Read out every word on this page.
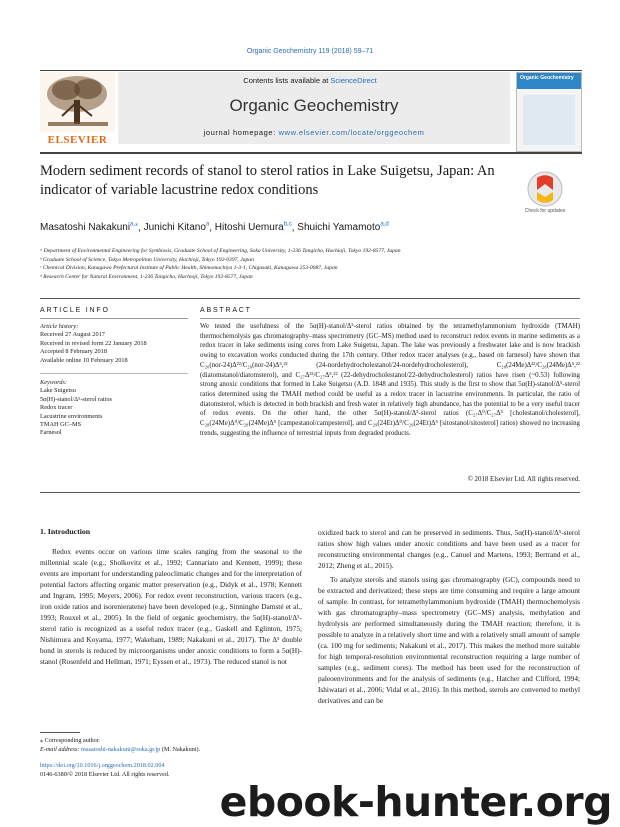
Organic Geochemistry 119 (2018) 59–71
ELSEVIER
Contents lists available at ScienceDirect
Organic Geochemistry
journal homepage: www.elsevier.com/locate/orggeochem
Organic Geochemistry
Modern sediment records of stanol to sterol ratios in Lake Suigetsu, Japan: An indicator of variable lacustrine redox conditions
Check for updates
Masatoshi Nakakuni$^{a,⁎}$, Junichi Kitano$^a$, Hitoshi Uemura$^{b,c}$, Shuichi Yamamoto$^{a,d}$
ᵃ Department of Environmental Engineering for Symbiosis, Graduate School of Engineering, Soka University, 1-236 Tangicho, Hachioji, Tokyo 192-8577, Japan
ᵇ Graduate School of Science, Tokyo Metropolitan University, Hachioji, Tokyo 192-0397, Japan
ᶜ Chemical Division, Kanagawa Prefectural Institute of Public Health, Shimomachiya 1-3-1, Chigasaki, Kanagawa 253-0087, Japan
ᵈ Research Center for Natural Environment, 1-236 Tangicho, Hachioji, Tokyo 192-8577, Japan
ARTICLE INFO	ABSTRACT
Article history:
Received 27 August 2017
Received in revised form 22 January 2018
Accepted 8 February 2018
Available online 10 February 2018
Keywords:
Lake Suigetsu
5α(H)-stanol/Δ⁵-sterol ratios
Redox tracer
Lacustrine environments
TMAH GC–MS
Farnesol
We tested the usefulness of the 5α(H)-stanol/Δ⁵-sterol ratios obtained by the tetramethylammonium hydroxide (TMAH) thermochemolysis gas chromatography–mass spectrometry (GC–MS) method used to reconstruct redox events in marine sediments as a redox tracer in lake sediments using cores from Lake Suigetsu, Japan. The lake was previously a freshwater lake and is now brackish owing to excavation works conducted during the 17th century. Other redox tracer analyses (e.g., based on farnesol) have shown that C₂₆(nor-24)Δ²²/C₂₆(nor-24)Δ⁵,²² (24-nordehydrocholestanol/24-nordehydrocholesterol), C₂₈(24Me)Δ²²/C₂₈(24Me)Δ⁵,²² (diatomstanol/diatomsterol), and C₂₇Δ²²/C₂₇Δ⁵,²² (22-dehydrocholestanol/22-dehydrocholesterol) ratios have risen (~0.53) following strong anoxic conditions that formed in Lake Suigetsu (A.D. 1848 and 1935). This study is the first to show that 5α(H)-stanol/Δ⁵-sterol ratios determined using the TMAH method could be useful as a redox tracer in lacustrine environments. In particular, the ratio of diatomsterol, which is detected in both brackish and fresh water in relatively high abundance, has the potential to be a very useful tracer of redox events. On the other hand, the other 5α(H)-stanol/Δ⁵-sterol ratios (C₂₇Δ⁰/C₂₇Δ⁵ [cholestanol/cholesterol], C₂₈(24Me)Δ⁰/C₂₈(24Me)Δ⁵ [campestanol/campesterol], and C₂₉(24Et)Δ⁰/C₂₉(24Et)Δ⁵ [sitostanol/sitosterol] ratios) showed no increasing trends, suggesting the influence of terrestrial inputs from degraded products.
© 2018 Elsevier Ltd. All rights reserved.
1. Introduction

Redox events occur on various time scales ranging from the seasonal to the millennial scale (e.g., Sholkovitz et al., 1992; Cannariato and Kennett, 1999); these events are important for understanding paleoclimatic changes and for the interpretation of potential factors affecting organic matter preservation (e.g., Didyk et al., 1978; Kennett and Ingram, 1995; Meyers, 2006). For redox event reconstruction, various tracers (e.g., iron oxide ratios and isorenieratene) have been developed (e.g., Sinninghe Damsté et al., 1993; Rouxel et al., 2005). In the field of organic geochemistry, the 5α(H)-stanol/Δ⁵-sterol ratio is recognized as a useful redox tracer (e.g., Gaskell and Eglinton, 1975; Nishimura and Koyama, 1977; Wakeham, 1989; Nakakuni et al., 2017). The Δ⁵ double bond in sterols is reduced by microorganisms under anoxic conditions to form a 5α(H)-stanol (Rosenfeld and Hellman, 1971; Eyssen et al., 1973). The reduced stanol is not

oxidized back to sterol and can be preserved in sediments. Thus, 5α(H)-stanol/Δ⁵-sterol ratios show high values under anoxic conditions and have been used as a tracer for reconstructing environmental changes (e.g., Canuel and Martens, 1993; Bertrand et al., 2012; Zheng et al., 2015).

To analyze sterols and stanols using gas chromatography (GC), compounds need to be extracted and derivatized; these steps are time consuming and require a large amount of sample. In contrast, for tetramethylammonium hydroxide (TMAH) thermochemolysis with gas chromatography–mass spectrometry (GC–MS) analysis, methylation and hydrolysis are performed simultaneously during the TMAH reaction; therefore, it is possible to analyze in a relatively short time and with a relatively small amount of sample (ca. 100 mg for sediments; Nakakuni et al., 2017). This makes the method more suitable for high temporal-resolution environmental reconstruction requiring a large number of samples (e.g., sediment cores). The method has been used for the reconstruction of paleoenvironments and for the analysis of sediments (e.g., Hatcher and Clifford, 1994; Ishiwatari et al., 2006; Vidal et al., 2016). In this method, sterols are converted to methyl derivatives and can be

⁎ Corresponding author.
E-mail address: masatoshi-nakakuni@soka.gr.jp (M. Nakakuni).
https://doi.org/10.1016/j.orggeochem.2018.02.004
0146-6380/© 2018 Elsevier Ltd. All rights reserved.
ebook-hunter.org
